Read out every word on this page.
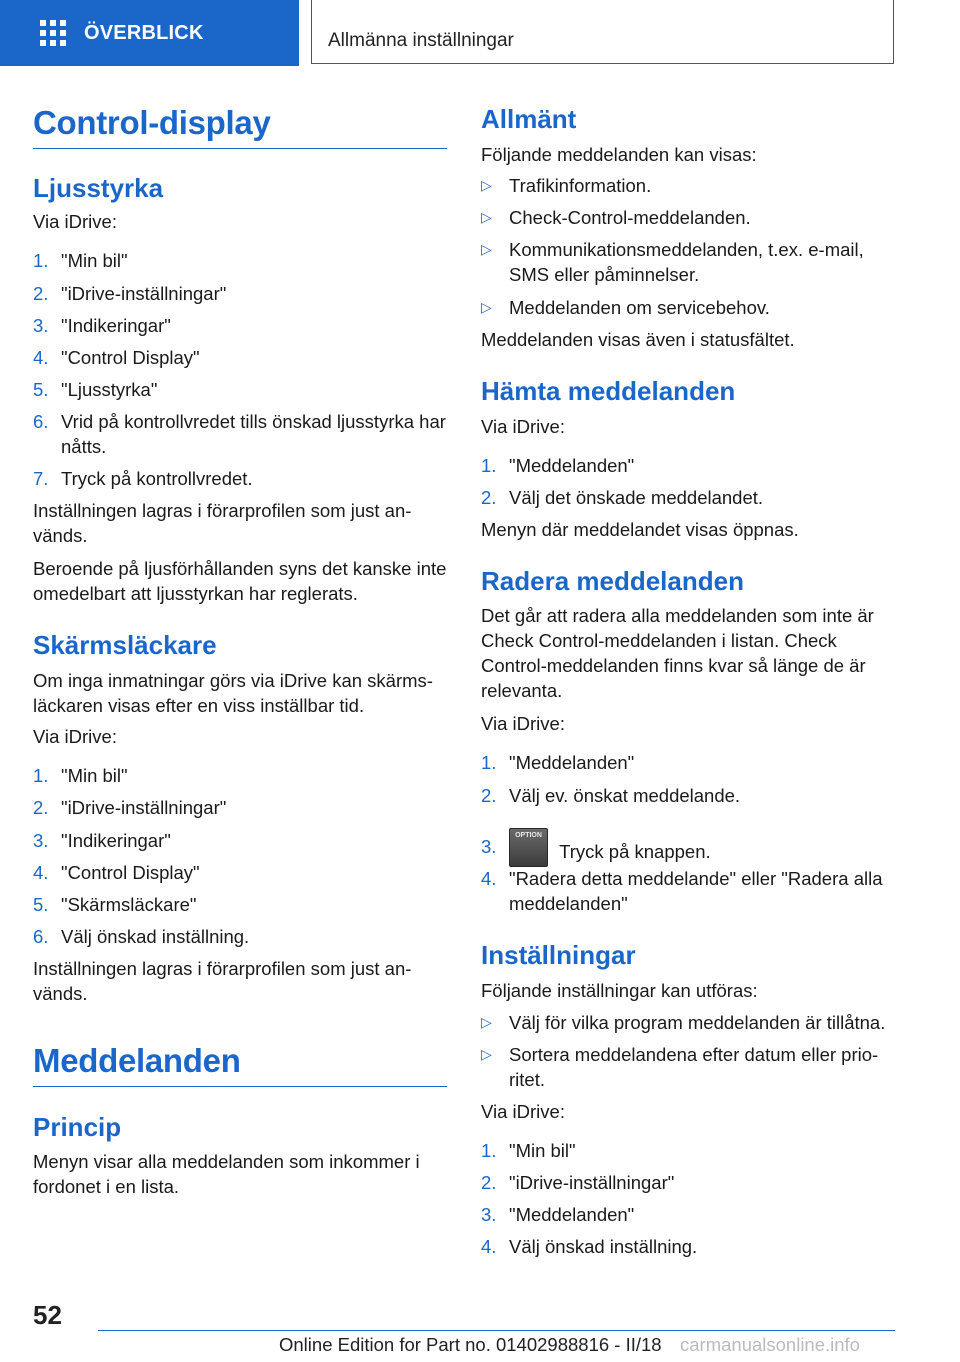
ÖVERBLICK	Allmänna inställningar
Control-display
Ljusstyrka
Via iDrive:
1. "Min bil"
2. "iDrive-inställningar"
3. "Indikeringar"
4. "Control Display"
5. "Ljusstyrka"
6. Vrid på kontrollvredet tills önskad ljusstyrka har nåtts.
7. Tryck på kontrollvredet.
Inställningen lagras i förarprofilen som just an‐vänds.
Beroende på ljusförhållanden syns det kanske inte omedelbart att ljusstyrkan har reglerats.
Skärmsläckare
Om inga inmatningar görs via iDrive kan skärms‐läckaren visas efter en viss inställbar tid.
Via iDrive:
1. "Min bil"
2. "iDrive-inställningar"
3. "Indikeringar"
4. "Control Display"
5. "Skärmsläckare"
6. Välj önskad inställning.
Inställningen lagras i förarprofilen som just an‐vänds.
Meddelanden
Princip
Menyn visar alla meddelanden som inkommer i fordonet i en lista.
Allmänt
Följande meddelanden kan visas:
▷ Trafikinformation.
▷ Check-Control-meddelanden.
▷ Kommunikationsmeddelanden, t.ex. e-mail, SMS eller påminnelser.
▷ Meddelanden om servicebehov.
Meddelanden visas även i statusfältet.
Hämta meddelanden
Via iDrive:
1. "Meddelanden"
2. Välj det önskade meddelandet.
Menyn där meddelandet visas öppnas.
Radera meddelanden
Det går att radera alla meddelanden som inte är Check Control-meddelanden i listan. Check Control-meddelanden finns kvar så länge de är relevanta.
Via iDrive:
1. "Meddelanden"
2. Välj ev. önskat meddelande.
3.
OPTION Tryck på knappen.
4. "Radera detta meddelande" eller "Radera alla meddelanden"
Inställningar
Följande inställningar kan utföras:
▷ Välj för vilka program meddelanden är tillåtna.
▷ Sortera meddelandena efter datum eller prio‐ritet.
Via iDrive:
1. "Min bil"
2. "iDrive-inställningar"
3. "Meddelanden"
4. Välj önskad inställning.
52
Online Edition for Part no. 01402988816 - II/18 carmanualsonline.info
